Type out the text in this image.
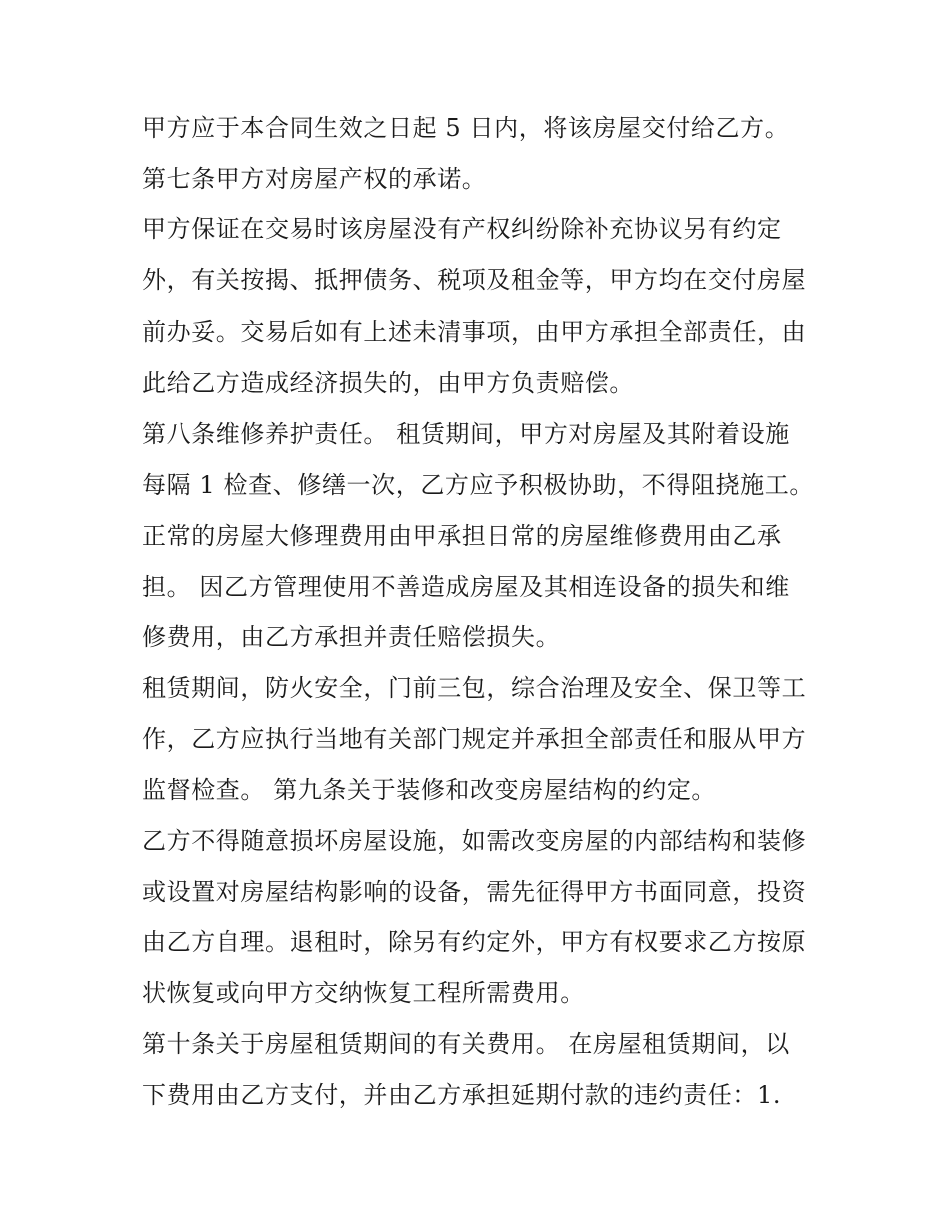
甲方应于本合同生效之日起 5 日内，将该房屋交付给乙方。
第七条甲方对房屋产权的承诺。
甲方保证在交易时该房屋没有产权纠纷除补充协议另有约定
外，有关按揭、抵押债务、税项及租金等，甲方均在交付房屋
前办妥。交易后如有上述未清事项，由甲方承担全部责任，由
此给乙方造成经济损失的，由甲方负责赔偿。
第八条维修养护责任。 租赁期间，甲方对房屋及其附着设施
每隔 1 检查、修缮一次，乙方应予积极协助，不得阻挠施工。
正常的房屋大修理费用由甲承担日常的房屋维修费用由乙承
担。 因乙方管理使用不善造成房屋及其相连设备的损失和维
修费用，由乙方承担并责任赔偿损失。
租赁期间，防火安全，门前三包，综合治理及安全、保卫等工
作，乙方应执行当地有关部门规定并承担全部责任和服从甲方
监督检查。 第九条关于装修和改变房屋结构的约定。
乙方不得随意损坏房屋设施，如需改变房屋的内部结构和装修
或设置对房屋结构影响的设备，需先征得甲方书面同意，投资
由乙方自理。退租时，除另有约定外，甲方有权要求乙方按原
状恢复或向甲方交纳恢复工程所需费用。
第十条关于房屋租赁期间的有关费用。 在房屋租赁期间，以
下费用由乙方支付，并由乙方承担延期付款的违约责任：1.
